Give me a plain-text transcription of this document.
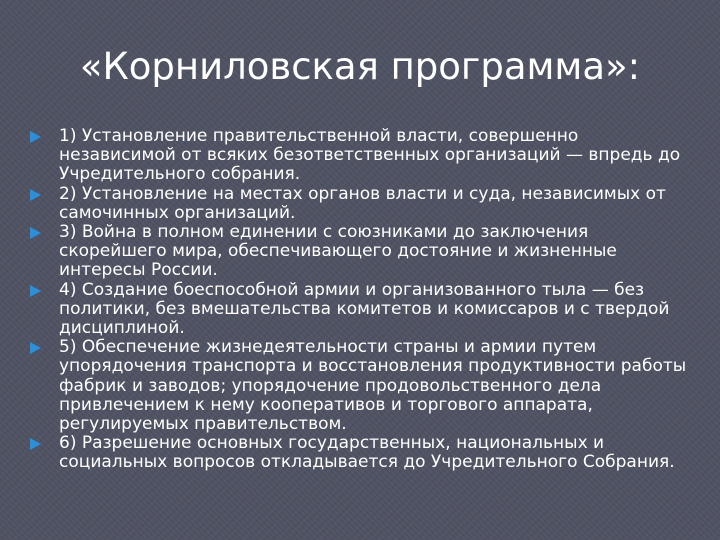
«Корниловская программа»:
1) Установление правительственной власти, совершенно независимой от всяких безответственных организаций — впредь до Учредительного собрания.
2) Установление на местах органов власти и суда, независимых от самочинных организаций.
3) Война в полном единении с союзниками до заключения скорейшего мира, обеспечивающего достояние и жизненные интересы России.
4) Создание боеспособной армии и организованного тыла — без политики, без вмешательства комитетов и комиссаров и с твердой дисциплиной.
5) Обеспечение жизнедеятельности страны и армии путем упорядочения транспорта и восстановления продуктивности работы фабрик и заводов; упорядочение продовольственного дела привлечением к нему кооперативов и торгового аппарата, регулируемых правительством.
6) Разрешение основных государственных, национальных и социальных вопросов откладывается до Учредительного Собрания.
